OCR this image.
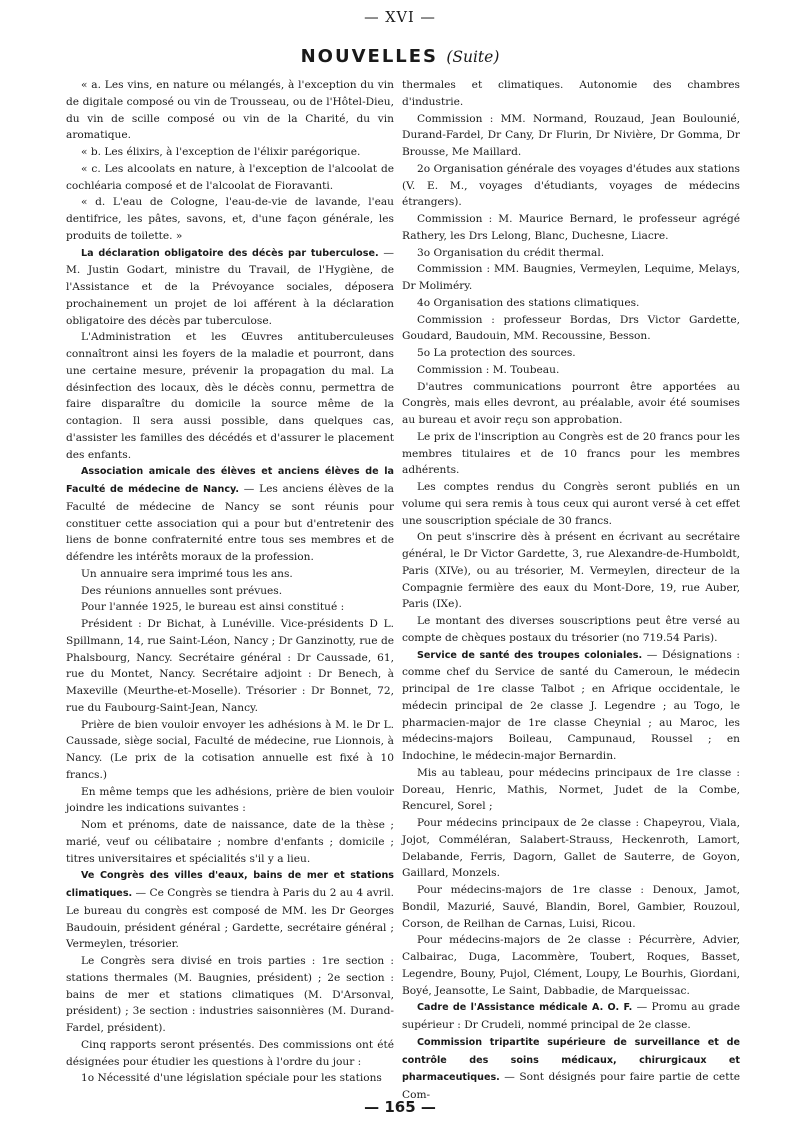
— XVI —
NOUVELLES (Suite)

« a. Les vins, en nature ou mélangés, à l'exception du vin de digitale composé ou vin de Trousseau, ou de l'Hôtel-Dieu, du vin de scille composé ou vin de la Charité, du vin aromatique.

« b. Les élixirs, à l'exception de l'élixir parégorique.

« c. Les alcoolats en nature, à l'exception de l'alcoolat de cochléaria composé et de l'alcoolat de Fioravanti.

« d. L'eau de Cologne, l'eau-de-vie de lavande, l'eau dentifrice, les pâtes, savons, et, d'une façon générale, les produits de toilette. »

La déclaration obligatoire des décès par tuberculose. — M. Justin Godart, ministre du Travail, de l'Hygiène, de l'Assistance et de la Prévoyance sociales, déposera prochainement un projet de loi afférent à la déclaration obligatoire des décès par tuberculose.

L'Administration et les Œuvres antituberculeuses connaîtront ainsi les foyers de la maladie et pourront, dans une certaine mesure, prévenir la propagation du mal. La désinfection des locaux, dès le décès connu, permettra de faire disparaître du domicile la source même de la contagion. Il sera aussi possible, dans quelques cas, d'assister les familles des décédés et d'assurer le placement des enfants.

Association amicale des élèves et anciens élèves de la Faculté de médecine de Nancy. — Les anciens élèves de la Faculté de médecine de Nancy se sont réunis pour constituer cette association qui a pour but d'entretenir des liens de bonne confraternité entre tous ses membres et de défendre les intérêts moraux de la profession.

Un annuaire sera imprimé tous les ans.

Des réunions annuelles sont prévues.

Pour l'année 1925, le bureau est ainsi constitué :

Président : Dr Bichat, à Lunéville. Vice-présidents D L. Spillmann, 14, rue Saint-Léon, Nancy ; Dr Ganzinotty, rue de Phalsbourg, Nancy. Secrétaire général : Dr Caussade, 61, rue du Montet, Nancy. Secrétaire adjoint : Dr Benech, à Maxeville (Meurthe-et-Moselle). Trésorier : Dr Bonnet, 72, rue du Faubourg-Saint-Jean, Nancy.

Prière de bien vouloir envoyer les adhésions à M. le Dr L. Caussade, siège social, Faculté de médecine, rue Lionnois, à Nancy. (Le prix de la cotisation annuelle est fixé à 10 francs.)

En même temps que les adhésions, prière de bien vouloir joindre les indications suivantes :

Nom et prénoms, date de naissance, date de la thèse ; marié, veuf ou célibataire ; nombre d'enfants ; domicile ; titres universitaires et spécialités s'il y a lieu.

Ve Congrès des villes d'eaux, bains de mer et stations climatiques. — Ce Congrès se tiendra à Paris du 2 au 4 avril. Le bureau du congrès est composé de MM. les Dr Georges Baudouin, président général ; Gardette, secrétaire général ; Vermeylen, trésorier.

Le Congrès sera divisé en trois parties : 1re section : stations thermales (M. Baugnies, président) ; 2e section : bains de mer et stations climatiques (M. D'Arsonval, président) ; 3e section : industries saisonnières (M. Durand-Fardel, président).

Cinq rapports seront présentés. Des commissions ont été désignées pour étudier les questions à l'ordre du jour :

1o Nécessité d'une législation spéciale pour les stations

thermales et climatiques. Autonomie des chambres d'industrie.

Commission : MM. Normand, Rouzaud, Jean Boulounié, Durand-Fardel, Dr Cany, Dr Flurin, Dr Nivière, Dr Gomma, Dr Brousse, Me Maillard.

2o Organisation générale des voyages d'études aux stations (V. E. M., voyages d'étudiants, voyages de médecins étrangers).

Commission : M. Maurice Bernard, le professeur agrégé Rathery, les Drs Lelong, Blanc, Duchesne, Liacre.

3o Organisation du crédit thermal.

Commission : MM. Baugnies, Vermeylen, Lequime, Melays, Dr Moliméry.

4o Organisation des stations climatiques.

Commission : professeur Bordas, Drs Victor Gardette, Goudard, Baudouin, MM. Recoussine, Besson.

5o La protection des sources.

Commission : M. Toubeau.

D'autres communications pourront être apportées au Congrès, mais elles devront, au préalable, avoir été soumises au bureau et avoir reçu son approbation.

Le prix de l'inscription au Congrès est de 20 francs pour les membres titulaires et de 10 francs pour les membres adhérents.

Les comptes rendus du Congrès seront publiés en un volume qui sera remis à tous ceux qui auront versé à cet effet une souscription spéciale de 30 francs.

On peut s'inscrire dès à présent en écrivant au secrétaire général, le Dr Victor Gardette, 3, rue Alexandre-de-Humboldt, Paris (XIVe), ou au trésorier, M. Vermeylen, directeur de la Compagnie fermière des eaux du Mont-Dore, 19, rue Auber, Paris (IXe).

Le montant des diverses souscriptions peut être versé au compte de chèques postaux du trésorier (no 719.54 Paris).

Service de santé des troupes coloniales. — Désignations : comme chef du Service de santé du Cameroun, le médecin principal de 1re classe Talbot ; en Afrique occidentale, le médecin principal de 2e classe J. Legendre ; au Togo, le pharmacien-major de 1re classe Cheynial ; au Maroc, les médecins-majors Boileau, Campunaud, Roussel ; en Indochine, le médecin-major Bernardin.

Mis au tableau, pour médecins principaux de 1re classe : Doreau, Henric, Mathis, Normet, Judet de la Combe, Rencurel, Sorel ;

Pour médecins principaux de 2e classe : Chapeyrou, Viala, Jojot, Comméléran, Salabert-Strauss, Heckenroth, Lamort, Delabande, Ferris, Dagorn, Gallet de Sauterre, de Goyon, Gaillard, Monzels.

Pour médecins-majors de 1re classe : Denoux, Jamot, Bondil, Mazurié, Sauvé, Blandin, Borel, Gambier, Rouzoul, Corson, de Reilhan de Carnas, Luisi, Ricou.

Pour médecins-majors de 2e classe : Pécurrère, Advier, Calbairac, Duga, Lacommère, Toubert, Roques, Basset, Legendre, Bouny, Pujol, Clément, Loupy, Le Bourhis, Giordani, Boyé, Jeansotte, Le Saint, Dabbadie, de Marqueissac.

Cadre de l'Assistance médicale A. O. F. — Promu au grade supérieur : Dr Crudeli, nommé principal de 2e classe.

Commission tripartite supérieure de surveillance et de contrôle des soins médicaux, chirurgicaux et pharmaceutiques. — Sont désignés pour faire partie de cette Com-

— 165 —
